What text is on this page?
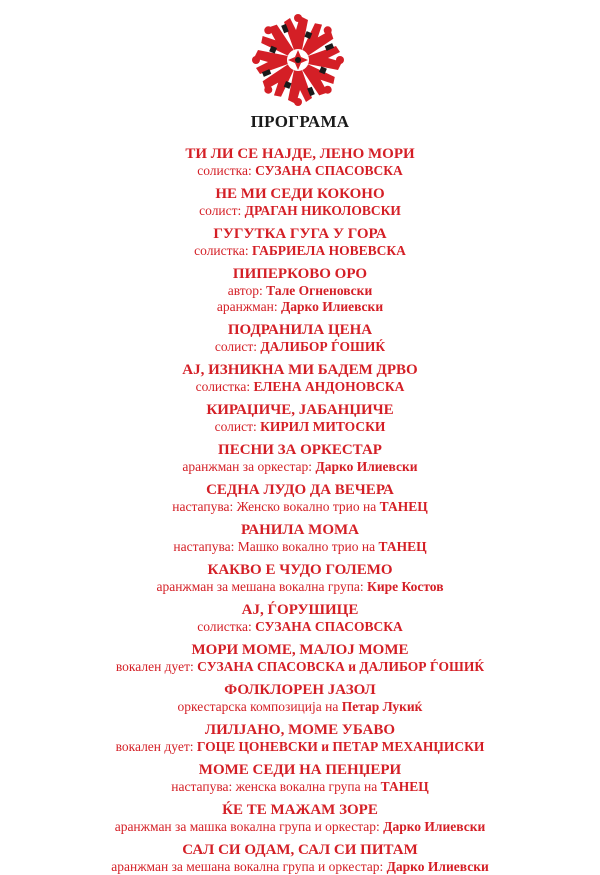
ПРОГРАМА

ТИ ЛИ СЕ НАЈДЕ, ЛЕНО МОРИ

солистка: СУЗАНА СПАСОВСКА

НЕ МИ СЕДИ КОКОНО

солист: ДРАГАН НИКОЛОВСКИ

ГУГУТКА ГУГА У ГОРА

солистка: ГАБРИЕЛА НОВЕВСКА

ПИПЕРКОВО ОРО

автор: Тале Огненовски

аранжман: Дарко Илиевски

ПОДРАНИЛА ЦЕНА

солист: ДАЛИБОР ЃОШИЌ

АЈ, ИЗНИКНА МИ БАДЕМ ДРВО

солистка: ЕЛЕНА АНДОНОВСКА

КИРАЏИЧЕ, ЈАБАНЏИЧЕ

солист: КИРИЛ МИТОСКИ

ПЕСНИ ЗА ОРКЕСТАР

аранжман за оркестар: Дарко Илиевски

СЕДНА ЛУДО ДА ВЕЧЕРА

настапува: Женско вокално трио на ТАНЕЦ

РАНИЛА МОМА

настапува: Машко вокално трио на ТАНЕЦ

КАКВО Е ЧУДО ГОЛЕМО

аранжман за мешана вокална група: Кире Костов

АЈ, ЃОРУШИЦЕ

солистка: СУЗАНА СПАСОВСКА

МОРИ МОМЕ, МАЛОЈ МОМЕ

вокален дует: СУЗАНА СПАСОВСКА и ДАЛИБОР ЃОШИЌ

ФОЛКЛОРЕН ЈАЗОЛ

оркестарска композиција на Петар Лукиќ

ЛИЛЈАНО, МОМЕ УБАВО

вокален дует: ГОЦЕ ЦОНЕВСКИ и ПЕТАР МЕХАНЏИСКИ

МОМЕ СЕДИ НА ПЕНЏЕРИ

настапува: женска вокална група на ТАНЕЦ

ЌЕ ТЕ МАЖАМ ЗОРЕ

аранжман за машка вокална група и оркестар: Дарко Илиевски

САЛ СИ ОДАМ, САЛ СИ ПИТАМ

аранжман за мешана вокална група и оркестар: Дарко Илиевски
